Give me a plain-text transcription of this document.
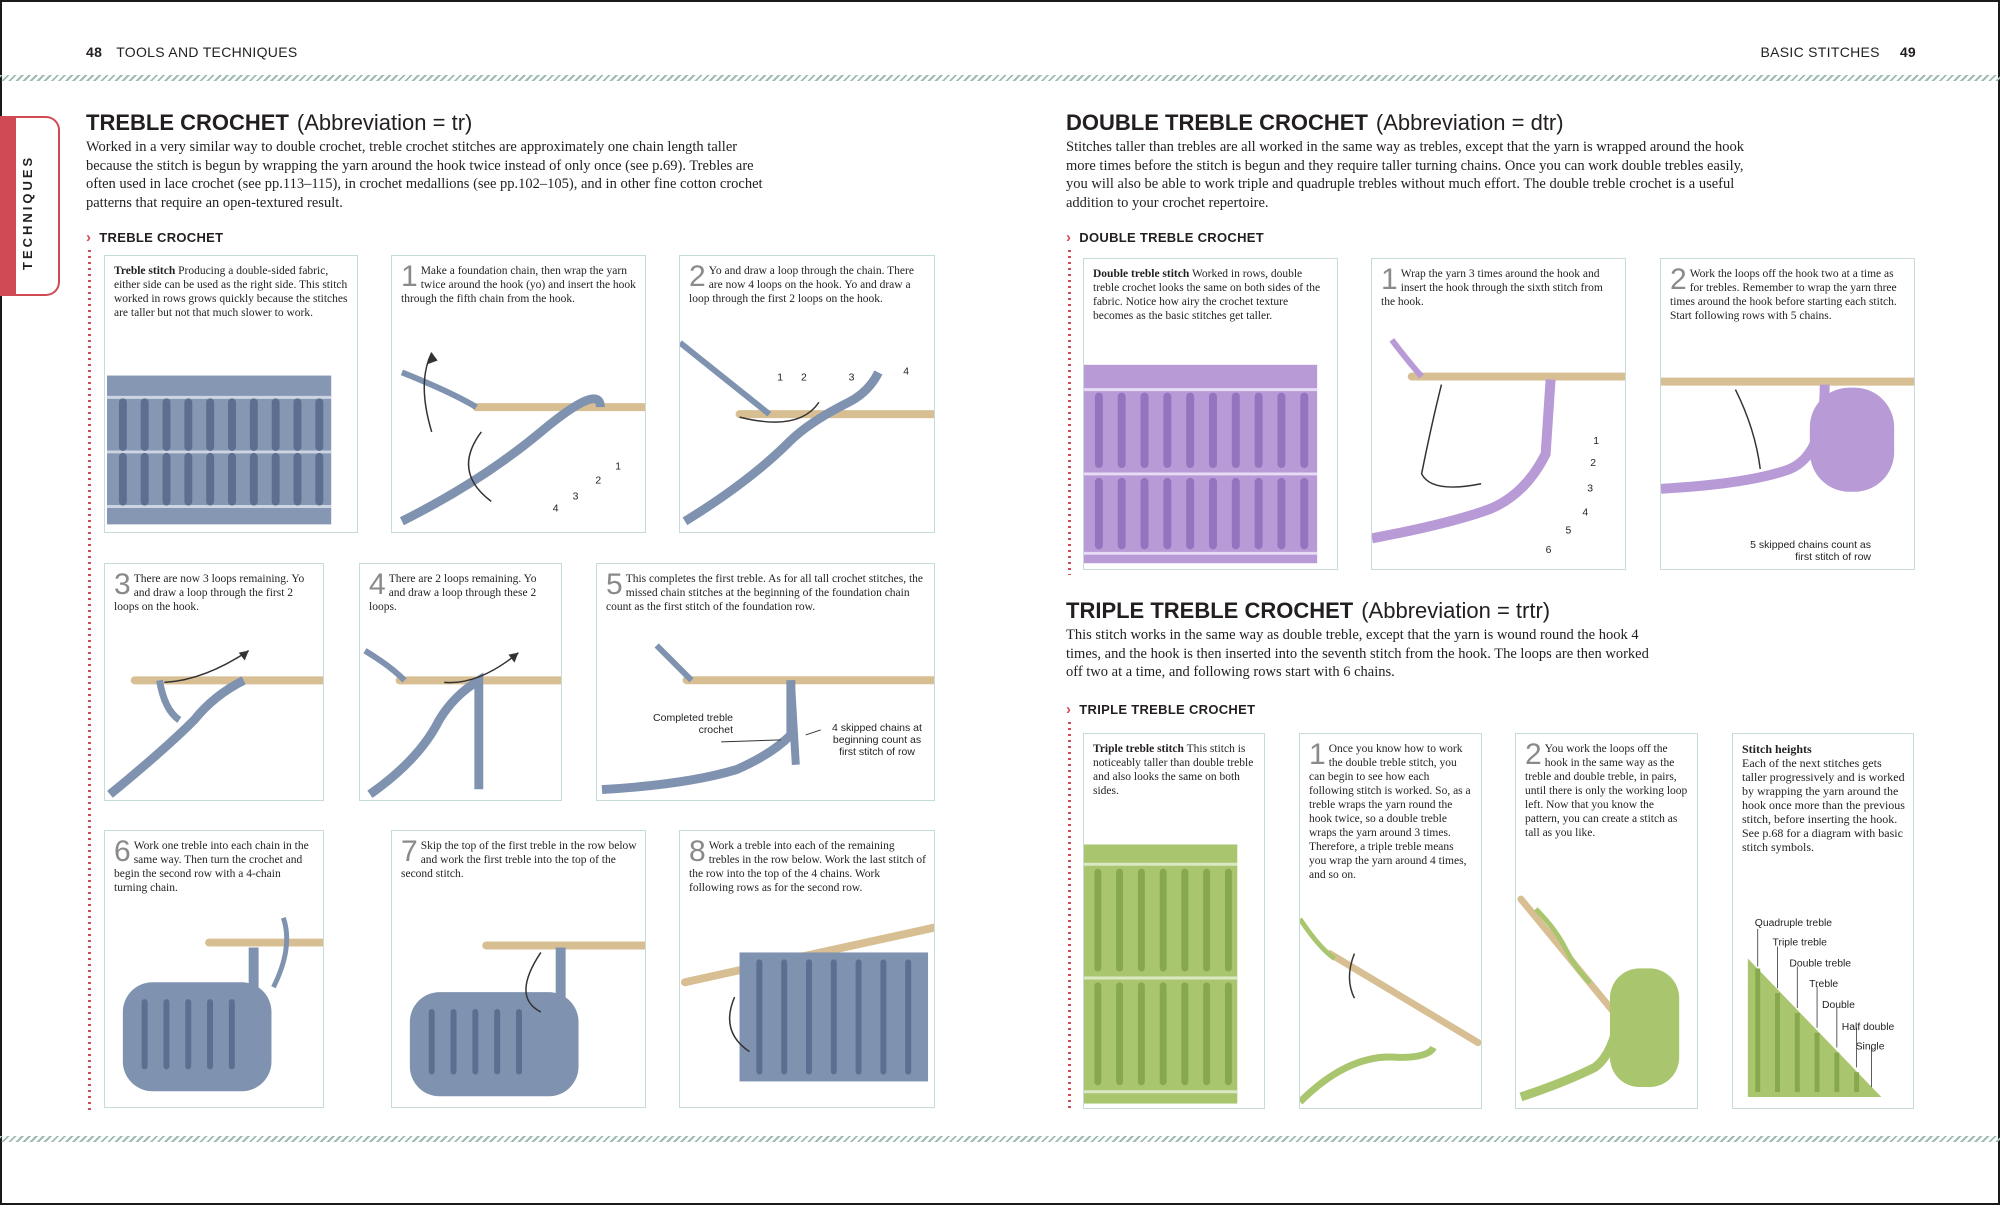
48 TOOLS AND TECHNIQUES	BASIC STITCHES 49
TECHNIQUES
TREBLE CROCHET (Abbreviation = tr)
Worked in a very similar way to double crochet, treble crochet stitches are approximately one chain length taller because the stitch is begun by wrapping the yarn around the hook twice instead of only once (see p.69). Trebles are often used in lace crochet (see pp.113–115), in crochet medallions (see pp.102–105), and in other fine cotton crochet patterns that require an open-textured result.
› TREBLE CROCHET
Treble stitch Producing a double-sided fabric, either side can be used as the right side. This stitch worked in rows grows quickly because the stitches are taller but not that much slower to work.
1 Make a foundation chain, then wrap the yarn twice around the hook (yo) and insert the hook through the fifth chain from the hook.
1
2
3
4
2 Yo and draw a loop through the chain. There are now 4 loops on the hook. Yo and draw a loop through the first 2 loops on the hook.
1 2	3
4
3 There are now 3 loops remaining. Yo and draw a loop through the first 2 loops on the hook.
4 There are 2 loops remaining. Yo and draw a loop through these 2 loops.
5 This completes the first treble. As for all tall crochet stitches, the missed chain stitches at the beginning of the foundation chain count as the first stitch of the foundation row.
Completed treble crochet	4 skipped chains at beginning count as first stitch of row
6 Work one treble into each chain in the same way. Then turn the crochet and begin the second row with a 4-chain turning chain.
7 Skip the top of the first treble in the row below and work the first treble into the top of the second stitch.
8 Work a treble into each of the remaining trebles in the row below. Work the last stitch of the row into the top of the 4 chains. Work following rows as for the second row.
DOUBLE TREBLE CROCHET (Abbreviation = dtr)
Stitches taller than trebles are all worked in the same way as trebles, except that the yarn is wrapped around the hook more times before the stitch is begun and they require taller turning chains. Once you can work double trebles easily, you will also be able to work triple and quadruple trebles without much effort. The double treble crochet is a useful addition to your crochet repertoire.
› DOUBLE TREBLE CROCHET
Double treble stitch Worked in rows, double treble crochet looks the same on both sides of the fabric. Notice how airy the crochet texture becomes as the basic stitches get taller.
1 Wrap the yarn 3 times around the hook and insert the hook through the sixth stitch from the hook.
1
2
3
4
5
6
2 Work the loops off the hook two at a time as for trebles. Remember to wrap the yarn three times around the hook before starting each stitch. Start following rows with 5 chains.
5 skipped chains count as first stitch of row
TRIPLE TREBLE CROCHET (Abbreviation = trtr)
This stitch works in the same way as double treble, except that the yarn is wound round the hook 4 times, and the hook is then inserted into the seventh stitch from the hook. The loops are then worked off two at a time, and following rows start with 6 chains.
› TRIPLE TREBLE CROCHET
Triple treble stitch This stitch is noticeably taller than double treble and also looks the same on both sides.
1 Once you know how to work the double treble stitch, you can begin to see how each following stitch is worked. So, as a treble wraps the yarn round the hook twice, so a double treble wraps the yarn around 3 times. Therefore, a triple treble means you wrap the yarn around 4 times, and so on.
2 You work the loops off the hook in the same way as the treble and double treble, in pairs, until there is only the working loop left. Now that you know the pattern, you can create a stitch as tall as you like.
Stitch heights
Each of the next stitches gets taller progressively and is worked by wrapping the yarn around the hook once more than the previous stitch, before inserting the hook. See p.68 for a diagram with basic stitch symbols.
Quadruple treble
Triple treble
Double treble
Treble
Double
Half double
Single
